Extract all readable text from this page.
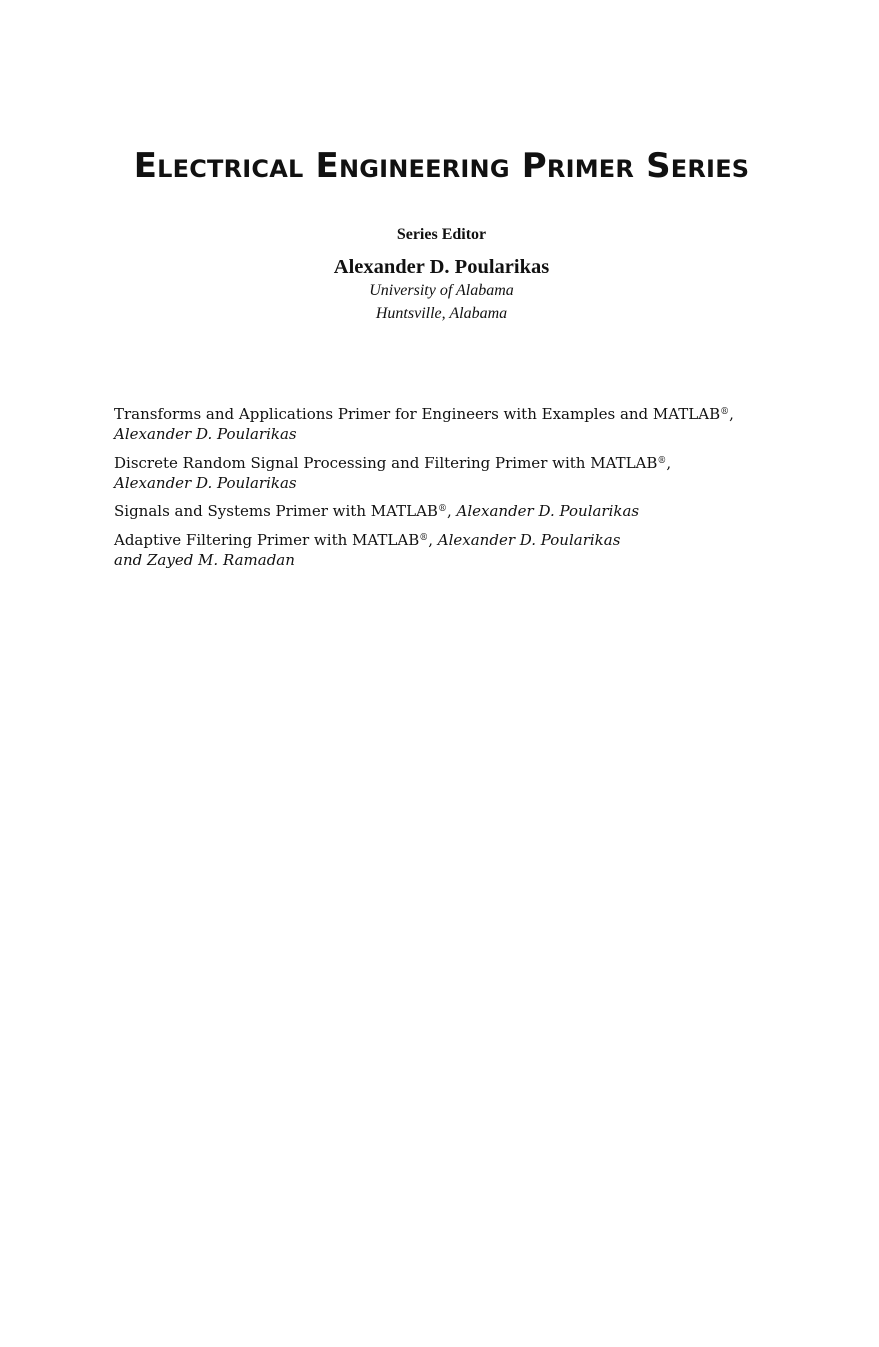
Electrical Engineering Primer Series
Series Editor
Alexander D. Poularikas
University of Alabama
Huntsville, Alabama
Transforms and Applications Primer for Engineers with Examples and MATLAB®,
Alexander D. Poularikas
Discrete Random Signal Processing and Filtering Primer with MATLAB®,
Alexander D. Poularikas
Signals and Systems Primer with MATLAB®, Alexander D. Poularikas
Adaptive Filtering Primer with MATLAB®, Alexander D. Poularikas
and Zayed M. Ramadan
